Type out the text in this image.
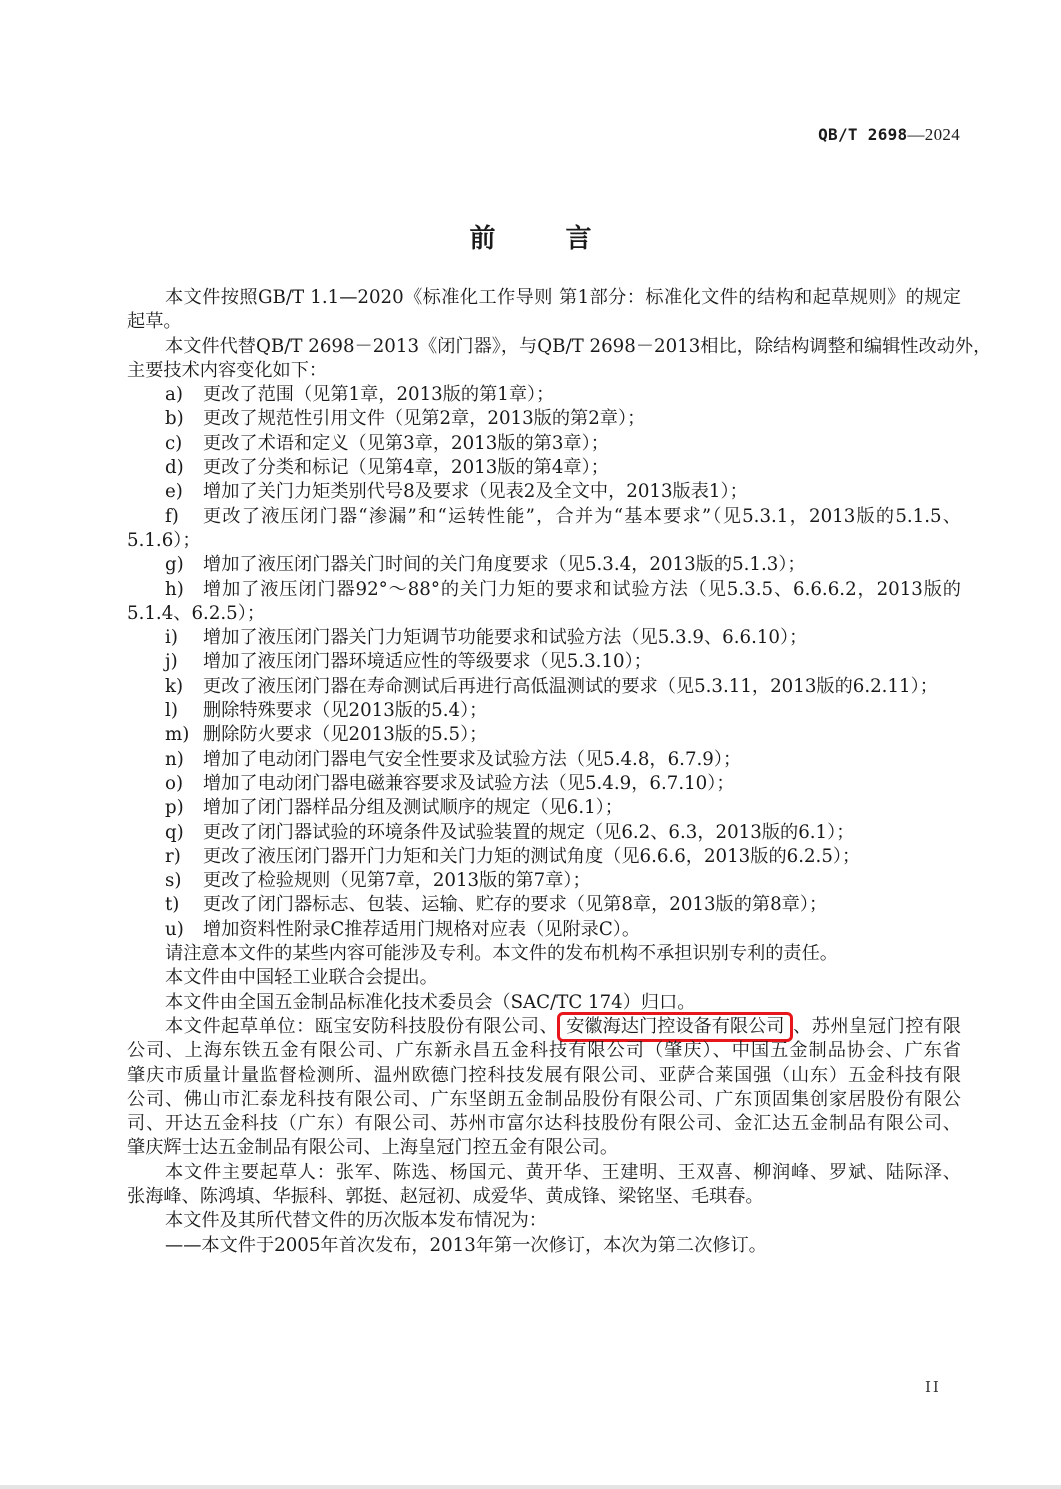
QB/T 2698—2024
前　言
本文件按照GB/T 1.1—2020《标准化工作导则 第1部分：标准化文件的结构和起草规则》的规定
起草。
本文件代替QB/T 2698－2013《闭门器》，与QB/T 2698－2013相比，除结构调整和编辑性改动外，
主要技术内容变化如下：
a)	更改了范围（见第1章，2013版的第1章）；
b)	更改了规范性引用文件（见第2章，2013版的第2章）；
c)	更改了术语和定义（见第3章，2013版的第3章）；
d)	更改了分类和标记（见第4章，2013版的第4章）；
e)	增加了关门力矩类别代号8及要求（见表2及全文中，2013版表1）；
f)	更改了液压闭门器“渗漏”和“运转性能”，合并为“基本要求”（见5.3.1，2013版的5.1.5、
5.1.6）；
g)	增加了液压闭门器关门时间的关门角度要求（见5.3.4，2013版的5.1.3）；
h)	增加了液压闭门器92°～88°的关门力矩的要求和试验方法（见5.3.5、6.6.6.2，2013版的
5.1.4、6.2.5）；
i)	增加了液压闭门器关门力矩调节功能要求和试验方法（见5.3.9、6.6.10）；
j)	增加了液压闭门器环境适应性的等级要求（见5.3.10）；
k)	更改了液压闭门器在寿命测试后再进行高低温测试的要求（见5.3.11，2013版的6.2.11）；
l)	删除特殊要求（见2013版的5.4）；
m) 删除防火要求（见2013版的5.5）；
n)	增加了电动闭门器电气安全性要求及试验方法（见5.4.8，6.7.9）；
o)	增加了电动闭门器电磁兼容要求及试验方法（见5.4.9，6.7.10）；
p)	增加了闭门器样品分组及测试顺序的规定（见6.1）；
q)	更改了闭门器试验的环境条件及试验装置的规定（见6.2、6.3，2013版的6.1）；
r)	更改了液压闭门器开门力矩和关门力矩的测试角度（见6.6.6，2013版的6.2.5）；
s)	更改了检验规则（见第7章，2013版的第7章）；
t)	更改了闭门器标志、包装、运输、贮存的要求（见第8章，2013版的第8章）；
u)	增加资料性附录C推荐适用门规格对应表（见附录C）。
请注意本文件的某些内容可能涉及专利。本文件的发布机构不承担识别专利的责任。
本文件由中国轻工业联合会提出。
本文件由全国五金制品标准化技术委员会（SAC/TC 174）归口。
本文件起草单位：瓯宝安防科技股份有限公司、 安徽海达门控设备有限公司 、苏州皇冠门控有限
公司、上海东铁五金有限公司、广东新永昌五金科技有限公司（肇庆）、中国五金制品协会、广东省
肇庆市质量计量监督检测所、温州欧德门控科技发展有限公司、亚萨合莱国强（山东）五金科技有限
公司、佛山市汇泰龙科技有限公司、广东坚朗五金制品股份有限公司、广东顶固集创家居股份有限公
司、开达五金科技（广东）有限公司、苏州市富尔达科技股份有限公司、金汇达五金制品有限公司、
肇庆辉士达五金制品有限公司、上海皇冠门控五金有限公司。
本文件主要起草人：张军、陈选、杨国元、黄开华、王建明、王双喜、柳润峰、罗斌、陆际泽、
张海峰、陈鸿填、华振科、郭挺、赵冠初、成爱华、黄成锋、梁铭坚、毛琪春。
本文件及其所代替文件的历次版本发布情况为：
——本文件于2005年首次发布，2013年第一次修订，本次为第二次修订。
II
